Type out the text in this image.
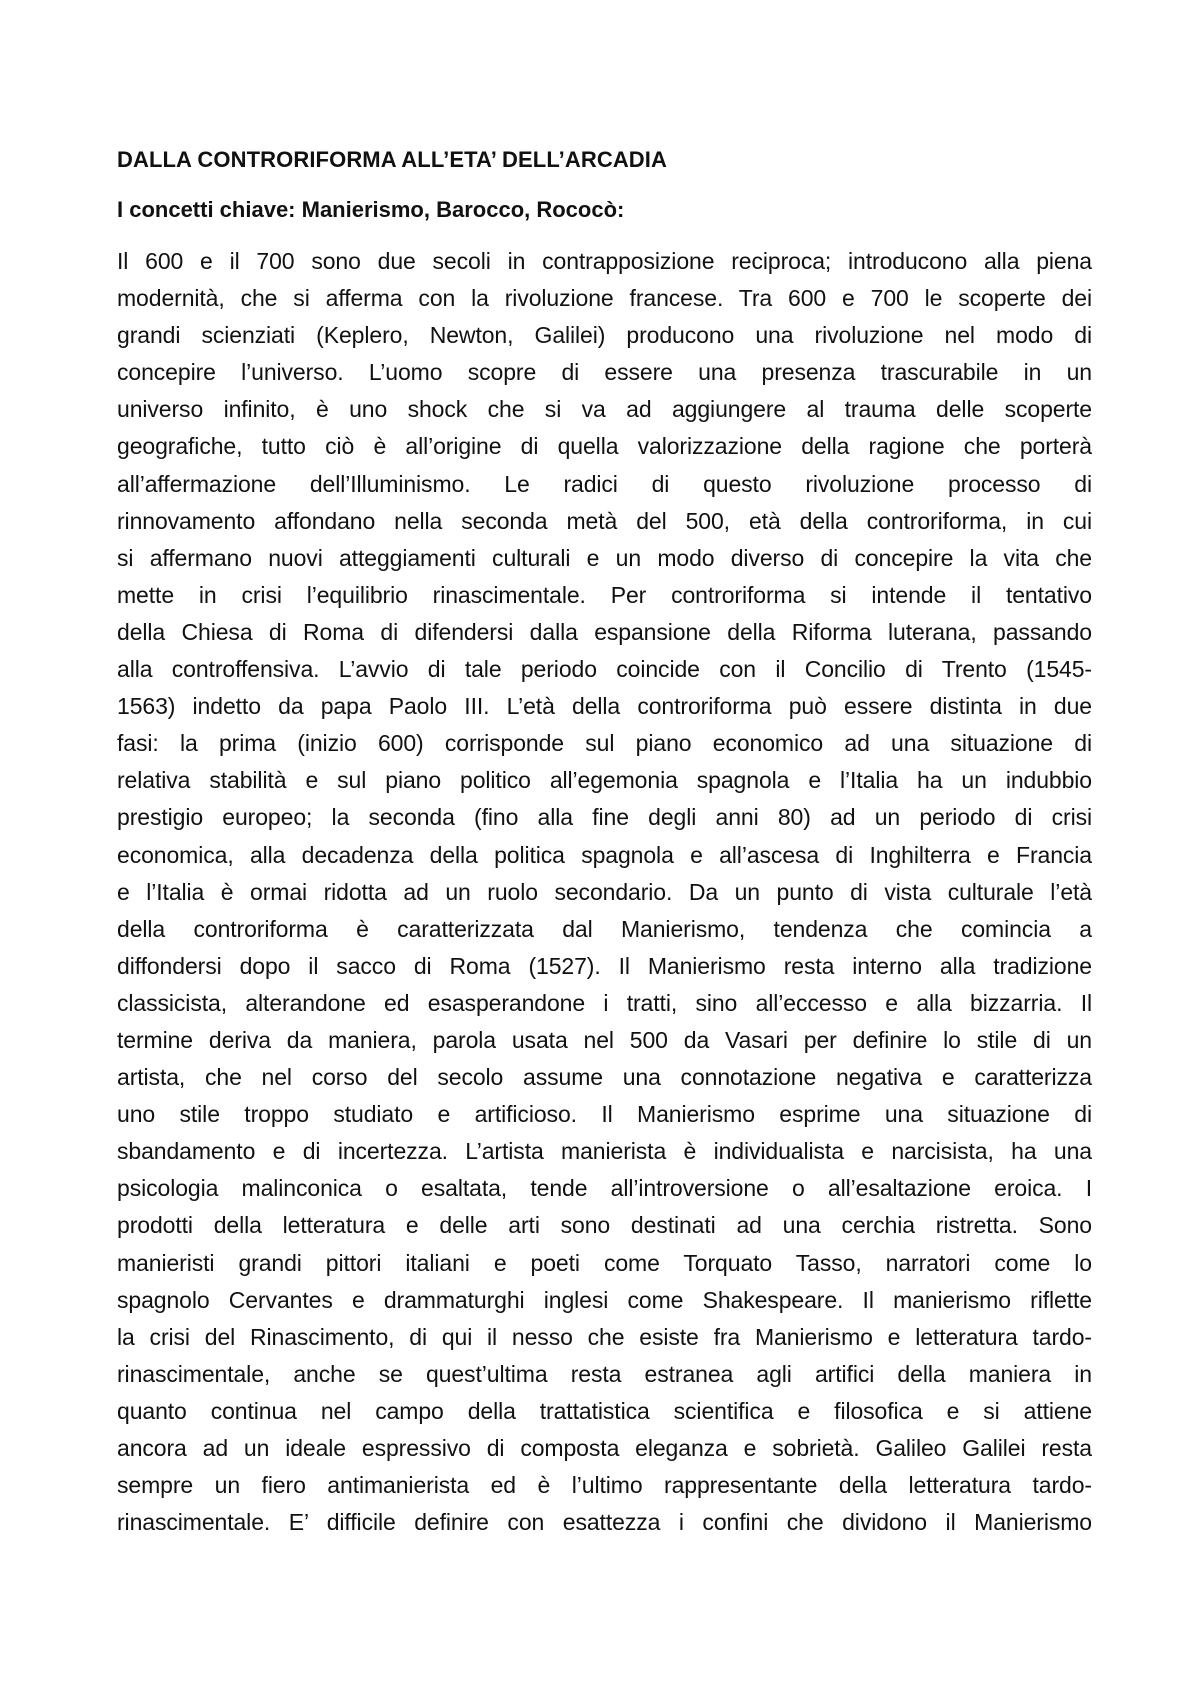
DALLA CONTRORIFORMA ALL’ETA’ DELL’ARCADIA
I concetti chiave: Manierismo, Barocco, Rococò:
Il 600 e il 700 sono due secoli in contrapposizione reciproca; introducono alla piena
modernità, che si afferma con la rivoluzione francese. Tra 600 e 700 le scoperte dei
grandi scienziati (Keplero, Newton, Galilei) producono una rivoluzione nel modo di
concepire l’universo. L’uomo scopre di essere una presenza trascurabile in un
universo infinito, è uno shock che si va ad aggiungere al trauma delle scoperte
geografiche, tutto ciò è all’origine di quella valorizzazione della ragione che porterà
all’affermazione dell’Illuminismo. Le radici di questo rivoluzione processo di
rinnovamento affondano nella seconda metà del 500, età della controriforma, in cui
si affermano nuovi atteggiamenti culturali e un modo diverso di concepire la vita che
mette in crisi l’equilibrio rinascimentale. Per controriforma si intende il tentativo
della Chiesa di Roma di difendersi dalla espansione della Riforma luterana, passando
alla controffensiva. L’avvio di tale periodo coincide con il Concilio di Trento (1545-
1563) indetto da papa Paolo III. L’età della controriforma può essere distinta in due
fasi: la prima (inizio 600) corrisponde sul piano economico ad una situazione di
relativa stabilità e sul piano politico all’egemonia spagnola e l’Italia ha un indubbio
prestigio europeo; la seconda (fino alla fine degli anni 80) ad un periodo di crisi
economica, alla decadenza della politica spagnola e all’ascesa di Inghilterra e Francia
e l’Italia è ormai ridotta ad un ruolo secondario. Da un punto di vista culturale l’età
della controriforma è caratterizzata dal Manierismo, tendenza che comincia a
diffondersi dopo il sacco di Roma (1527). Il Manierismo resta interno alla tradizione
classicista, alterandone ed esasperandone i tratti, sino all’eccesso e alla bizzarria. Il
termine deriva da maniera, parola usata nel 500 da Vasari per definire lo stile di un
artista, che nel corso del secolo assume una connotazione negativa e caratterizza
uno stile troppo studiato e artificioso. Il Manierismo esprime una situazione di
sbandamento e di incertezza. L’artista manierista è individualista e narcisista, ha una
psicologia malinconica o esaltata, tende all’introversione o all’esaltazione eroica. I
prodotti della letteratura e delle arti sono destinati ad una cerchia ristretta. Sono
manieristi grandi pittori italiani e poeti come Torquato Tasso, narratori come lo
spagnolo Cervantes e drammaturghi inglesi come Shakespeare. Il manierismo riflette
la crisi del Rinascimento, di qui il nesso che esiste fra Manierismo e letteratura tardo-
rinascimentale, anche se quest’ultima resta estranea agli artifici della maniera in
quanto continua nel campo della trattatistica scientifica e filosofica e si attiene
ancora ad un ideale espressivo di composta eleganza e sobrietà. Galileo Galilei resta
sempre un fiero antimanierista ed è l’ultimo rappresentante della letteratura tardo-
rinascimentale. E’ difficile definire con esattezza i confini che dividono il Manierismo
